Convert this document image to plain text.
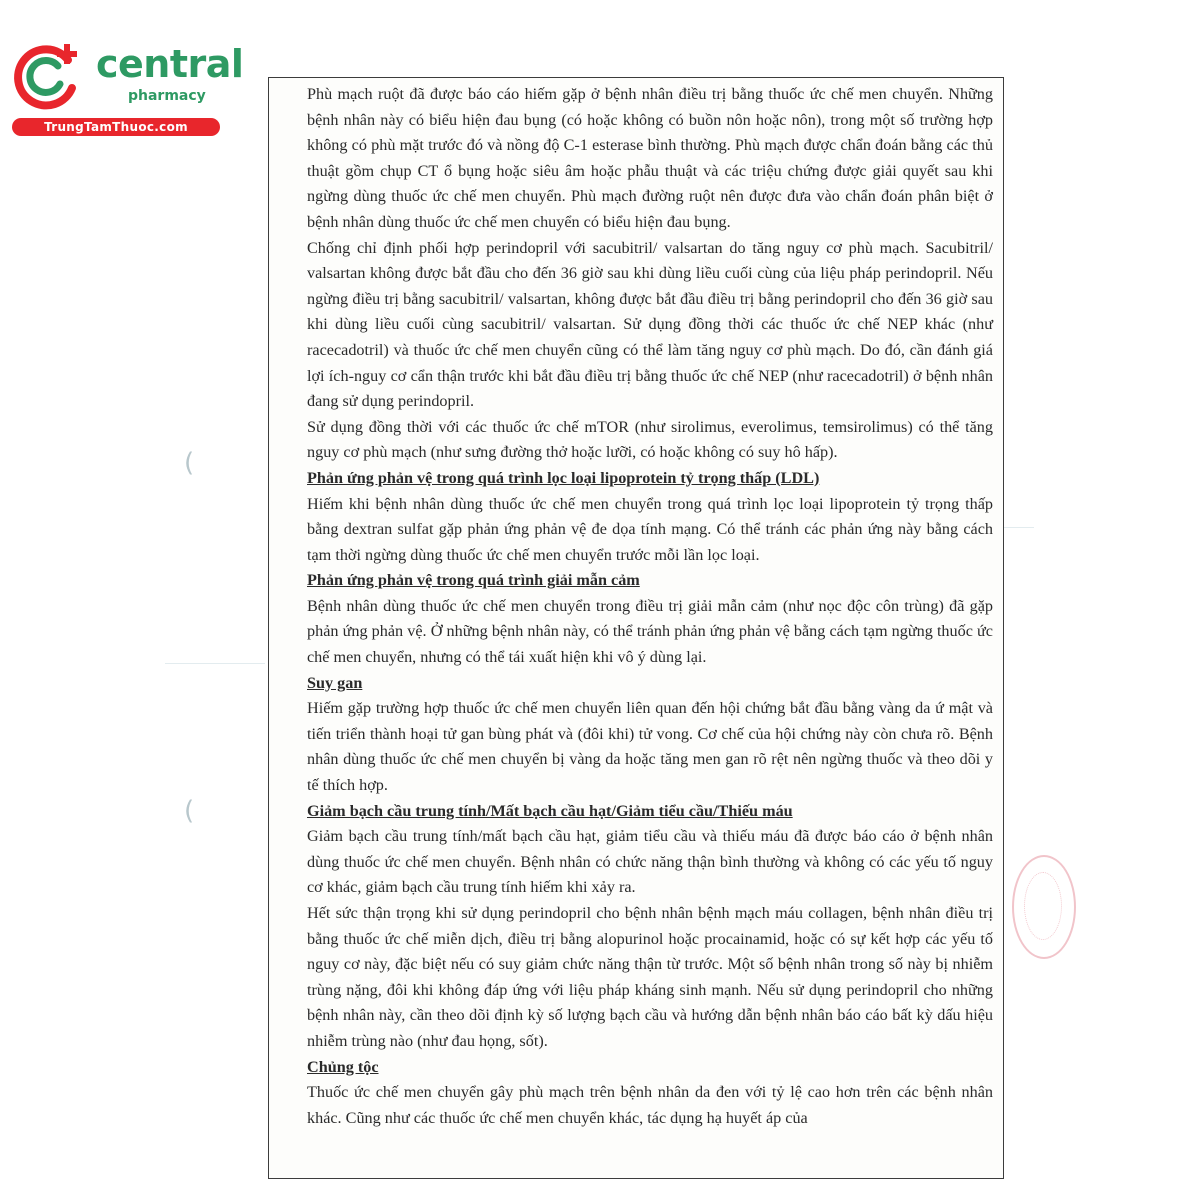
central
pharmacy
TrungTamThuoc.com
(
(

Phù mạch ruột đã được báo cáo hiếm gặp ở bệnh nhân điều trị bằng thuốc ức chế men chuyển. Những bệnh nhân này có biểu hiện đau bụng (có hoặc không có buồn nôn hoặc nôn), trong một số trường hợp không có phù mặt trước đó và nồng độ C-1 esterase bình thường. Phù mạch được chẩn đoán bằng các thủ thuật gồm chụp CT ổ bụng hoặc siêu âm hoặc phẫu thuật và các triệu chứng được giải quyết sau khi ngừng dùng thuốc ức chế men chuyển. Phù mạch đường ruột nên được đưa vào chẩn đoán phân biệt ở bệnh nhân dùng thuốc ức chế men chuyển có biểu hiện đau bụng.

Chống chỉ định phối hợp perindopril với sacubitril/ valsartan do tăng nguy cơ phù mạch. Sacubitril/ valsartan không được bắt đầu cho đến 36 giờ sau khi dùng liều cuối cùng của liệu pháp perindopril. Nếu ngừng điều trị bằng sacubitril/ valsartan, không được bắt đầu điều trị bằng perindopril cho đến 36 giờ sau khi dùng liều cuối cùng sacubitril/ valsartan. Sử dụng đồng thời các thuốc ức chế NEP khác (như racecadotril) và thuốc ức chế men chuyển cũng có thể làm tăng nguy cơ phù mạch. Do đó, cần đánh giá lợi ích-nguy cơ cẩn thận trước khi bắt đầu điều trị bằng thuốc ức chế NEP (như racecadotril) ở bệnh nhân đang sử dụng perindopril.

Sử dụng đồng thời với các thuốc ức chế mTOR (như sirolimus, everolimus, temsirolimus) có thể tăng nguy cơ phù mạch (như sưng đường thở hoặc lưỡi, có hoặc không có suy hô hấp).

Phản ứng phản vệ trong quá trình lọc loại lipoprotein tỷ trọng thấp (LDL)

Hiếm khi bệnh nhân dùng thuốc ức chế men chuyển trong quá trình lọc loại lipoprotein tỷ trọng thấp bằng dextran sulfat gặp phản ứng phản vệ đe dọa tính mạng. Có thể tránh các phản ứng này bằng cách tạm thời ngừng dùng thuốc ức chế men chuyển trước mỗi lần lọc loại.

Phản ứng phản vệ trong quá trình giải mẫn cảm

Bệnh nhân dùng thuốc ức chế men chuyển trong điều trị giải mẫn cảm (như nọc độc côn trùng) đã gặp phản ứng phản vệ. Ở những bệnh nhân này, có thể tránh phản ứng phản vệ bằng cách tạm ngừng thuốc ức chế men chuyển, nhưng có thể tái xuất hiện khi vô ý dùng lại.

Suy gan

Hiếm gặp trường hợp thuốc ức chế men chuyển liên quan đến hội chứng bắt đầu bằng vàng da ứ mật và tiến triển thành hoại tử gan bùng phát và (đôi khi) tử vong. Cơ chế của hội chứng này còn chưa rõ. Bệnh nhân dùng thuốc ức chế men chuyển bị vàng da hoặc tăng men gan rõ rệt nên ngừng thuốc và theo dõi y tế thích hợp.

Giảm bạch cầu trung tính/Mất bạch cầu hạt/Giảm tiểu cầu/Thiếu máu

Giảm bạch cầu trung tính/mất bạch cầu hạt, giảm tiểu cầu và thiếu máu đã được báo cáo ở bệnh nhân dùng thuốc ức chế men chuyển. Bệnh nhân có chức năng thận bình thường và không có các yếu tố nguy cơ khác, giảm bạch cầu trung tính hiếm khi xảy ra.

Hết sức thận trọng khi sử dụng perindopril cho bệnh nhân bệnh mạch máu collagen, bệnh nhân điều trị bằng thuốc ức chế miễn dịch, điều trị bằng alopurinol hoặc procainamid, hoặc có sự kết hợp các yếu tố nguy cơ này, đặc biệt nếu có suy giảm chức năng thận từ trước. Một số bệnh nhân trong số này bị nhiễm trùng nặng, đôi khi không đáp ứng với liệu pháp kháng sinh mạnh. Nếu sử dụng perindopril cho những bệnh nhân này, cần theo dõi định kỳ số lượng bạch cầu và hướng dẫn bệnh nhân báo cáo bất kỳ dấu hiệu nhiễm trùng nào (như đau họng, sốt).

Chủng tộc

Thuốc ức chế men chuyển gây phù mạch trên bệnh nhân da đen với tỷ lệ cao hơn trên các bệnh nhân khác. Cũng như các thuốc ức chế men chuyển khác, tác dụng hạ huyết áp của
